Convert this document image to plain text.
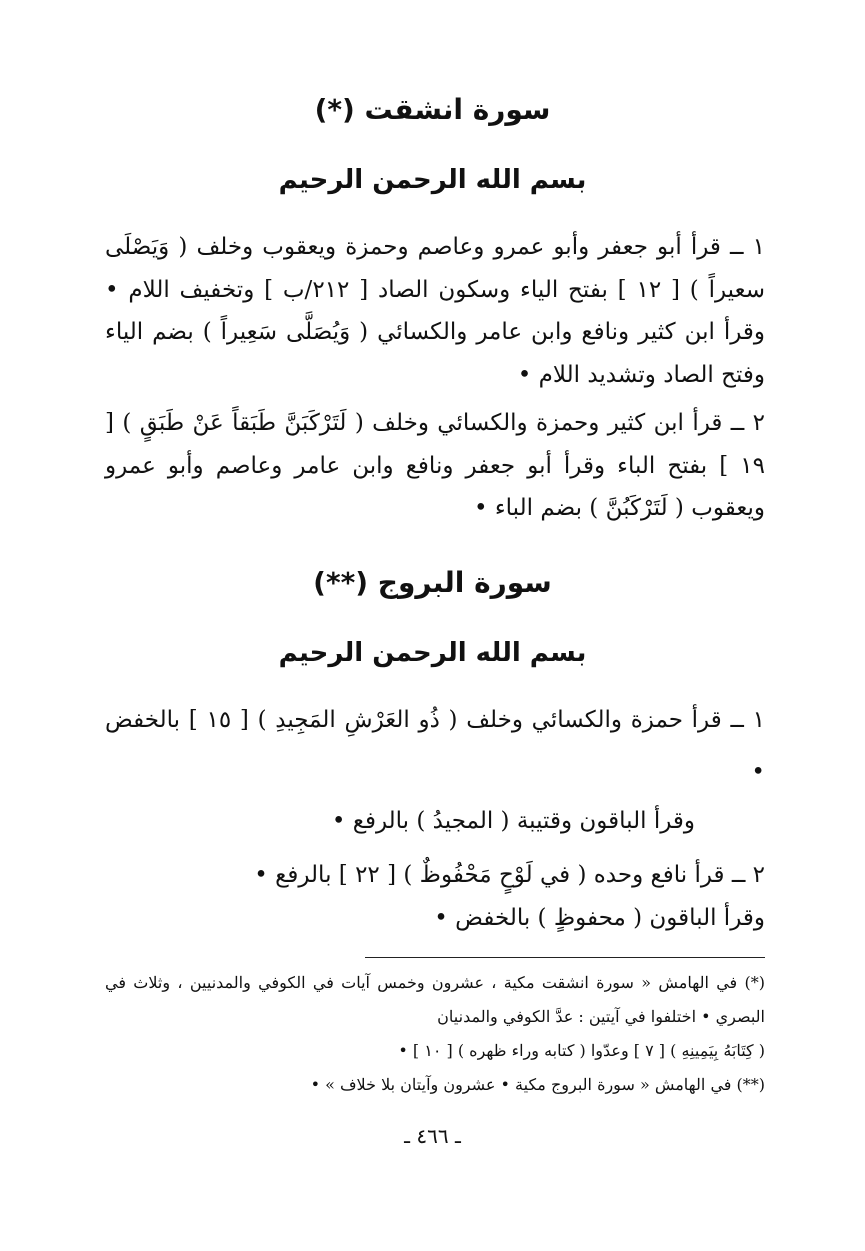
سورة انشقت (*)
بسم الله الرحمن الرحيم
١ ــ قرأ أبو جعفر وأبو عمرو وعاصم وحمزة ويعقوب وخلف ( وَيَصْلَى سعيراً ) [ ١٢ ] بفتح الياء وسكون الصاد [ ٢١٢/ب ] وتخفيف اللام • وقرأ ابن كثير ونافع وابن عامر والكسائي ( وَيُصَلَّى سَعِيراً ) بضم الياء وفتح الصاد وتشديد اللام •
٢ ــ قرأ ابن كثير وحمزة والكسائي وخلف ( لَتَرْكَبَنَّ طَبَقاً عَنْ طَبَقٍ ) [ ١٩ ] بفتح الباء وقرأ أبو جعفر ونافع وابن عامر وعاصم وأبو عمرو ويعقوب ( لَتَرْكَبُنَّ ) بضم الباء •
سورة البروج (**)
بسم الله الرحمن الرحيم
١ ــ قرأ حمزة والكسائي وخلف ( ذُو العَرْشِ المَجِيدِ ) [ ١٥ ] بالخفض •
وقرأ الباقون وقتيبة ( المجيدُ ) بالرفع •
٢ ــ قرأ نافع وحده ( في لَوْحٍ مَحْفُوظٌ ) [ ٢٢ ] بالرفع •
وقرأ الباقون ( محفوظٍ ) بالخفض •

(*) في الهامش « سورة انشقت مكية ، عشرون وخمس آيات في الكوفي والمدنيين ، وثلاث في البصري • اختلفوا في آيتين : عدَّ الكوفي والمدنيان

( كِتَابَهُ بِيَمِينِهِ ) [ ٧ ] وعدّوا ( كتابه وراء ظهره ) [ ١٠ ] •

(**) في الهامش « سورة البروج مكية • عشرون وآيتان بلا خلاف » •

ـ ٤٦٦ ـ
